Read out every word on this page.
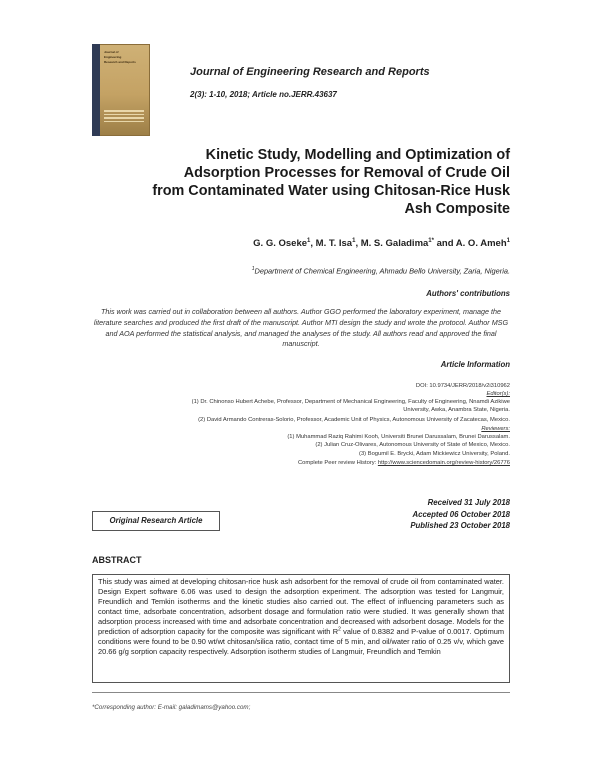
Journal of
Engineering
Research and Reports
Journal of Engineering Research and Reports
2(3): 1-10, 2018; Article no.JERR.43637
Kinetic Study, Modelling and Optimization of
Adsorption Processes for Removal of Crude Oil
from Contaminated Water using Chitosan-Rice Husk
Ash Composite
G. G. Oseke$^1$, M. T. Isa$^1$, M. S. Galadima$^{1*}$ and A. O. Ameh$^1$
$^1$Department of Chemical Engineering, Ahmadu Bello University, Zaria, Nigeria.
Authors' contributions
This work was carried out in collaboration between all authors. Author GGO performed the laboratory experiment, manage the literature searches and produced the first draft of the manuscript. Author MTI design the study and wrote the protocol. Author MSG and AOA performed the statistical analysis, and managed the analyses of the study. All authors read and approved the final manuscript.
Article Information
DOI: 10.9734/JERR/2018/v2i310962
Editor(s):
(1) Dr. Chinonso Hubert Achebe, Professor, Department of Mechanical Engineering, Faculty of Engineering, Nnamdi Azikiwe
University, Awka, Anambra State, Nigeria.
(2) David Armando Contreras-Solorio, Professor, Academic Unit of Physics, Autonomous University of Zacatecas, Mexico.
Reviewers:
(1) Muhammad Raziq Rahimi Kooh, Universiti Brunei Darussalam, Brunei Darussalam.
(2) Julian Cruz-Olivares, Autonomous University of State of Mexico, Mexico.
(3) Bogumil E. Brycki, Adam Mickiewicz University, Poland.
Complete Peer review History: http://www.sciencedomain.org/review-history/26776
Received 31 July 2018
Accepted 06 October 2018
Published 23 October 2018
Original Research Article
ABSTRACT
This study was aimed at developing chitosan-rice husk ash adsorbent for the removal of crude oil from contaminated water. Design Expert software 6.06 was used to design the adsorption experiment. The adsorption was tested for Langmuir, Freundlich and Temkin isotherms and the kinetic studies also carried out. The effect of influencing parameters such as contact time, adsorbate concentration, adsorbent dosage and formulation ratio were studied. It was generally shown that adsorption process increased with time and adsorbate concentration and decreased with adsorbent dosage. Models for the prediction of adsorption capacity for the composite was significant with $R^2$ value of 0.8382 and P-value of 0.0017. Optimum conditions were found to be 0.90 wt/wt chitosan/silica ratio, contact time of 5 min, and oil/water ratio of 0.25 v/v, which gave 20.66 g/g sorption capacity respectively. Adsorption isotherm studies of Langmuir, Freundlich and Temkin
*Corresponding author: E-mail: galadimams@yahoo.com;
